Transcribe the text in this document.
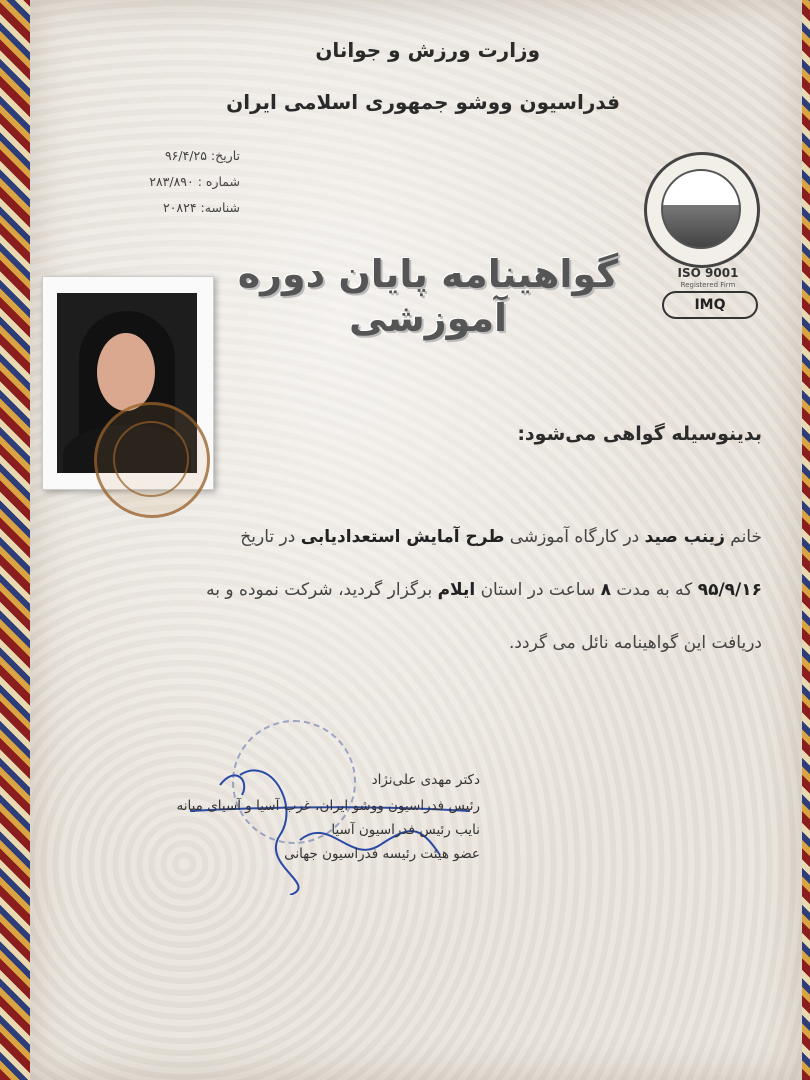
وزارت ورزش و جوانان
فدراسیون ووشو جمهوری اسلامی ایران
تاریخ: ۹۶/۴/۲۵
شماره : ۲۸۳/۸۹۰
شناسه: ۲۰۸۲۴
ISO 9001
Registered Firm
IMQ
گواهینامه پایان دوره آموزشی
بدینوسیله گواهی می‌شود:
خانم زینب صید در کارگاه آموزشی طرح آمایش استعدادیابی در تاریخ
۹۵/۹/۱۶ که به مدت ۸ ساعت در استان ایلام برگزار گردید، شرکت نموده و به
دریافت این گواهینامه نائل می گردد.
دکتر مهدی علی‌نژاد
رئیس فدراسیون ووشو ایران، غرب آسیا و آسیای میانه
نایب رئیس فدراسیون آسیا
عضو هیئت رئیسه فدراسیون جهانی
